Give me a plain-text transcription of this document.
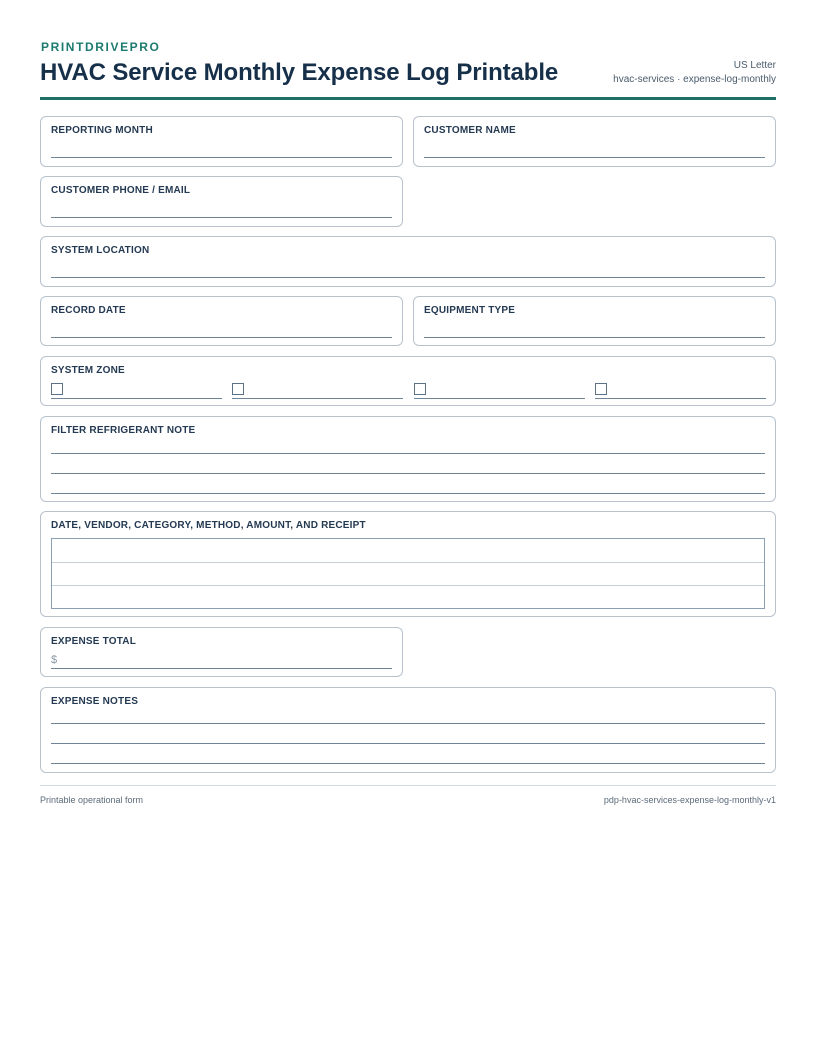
PRINTDRIVEPRO
HVAC Service Monthly Expense Log Printable	US Letter
hvac-services · expense-log-monthly
REPORTING MONTH	CUSTOMER NAME
CUSTOMER PHONE / EMAIL
SYSTEM LOCATION
RECORD DATE	EQUIPMENT TYPE
SYSTEM ZONE
FILTER REFRIGERANT NOTE
DATE, VENDOR, CATEGORY, METHOD, AMOUNT, AND RECEIPT
EXPENSE TOTAL
$
EXPENSE NOTES
Printable operational form	pdp-hvac-services-expense-log-monthly-v1
